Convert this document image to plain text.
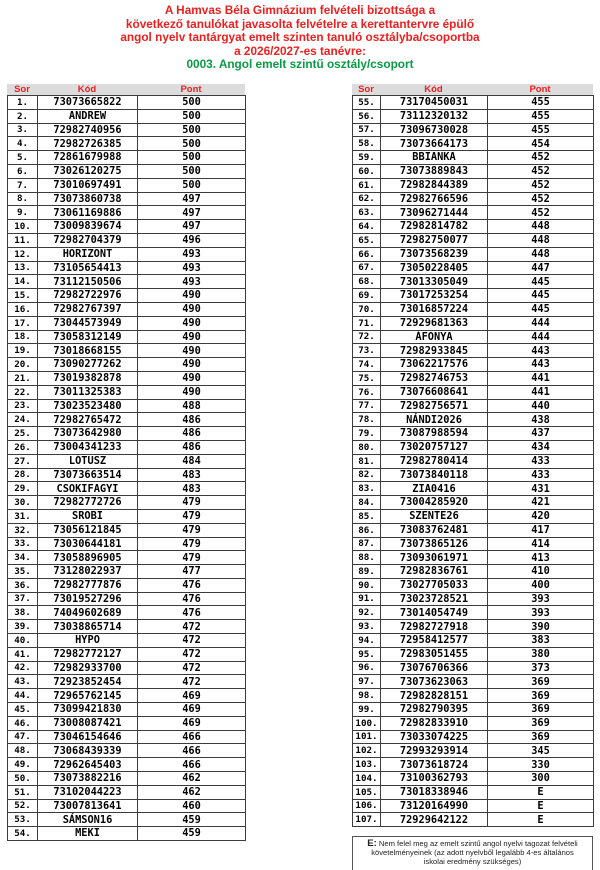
A Hamvas Béla Gimnázium felvételi bizottsága a
következő tanulókat javasolta felvételre a kerettantervre épülő
angol nyelv tantárgyat emelt szinten tanuló osztályba/csoportba
a 2026/2027-es tanévre:
0003. Angol emelt szintű osztály/csoport
Sor	Kód	Pont
1.	73073665822	500
2.	ANDREW	500
3.	72982740956	500
4.	72982726385	500
5.	72861679988	500
6.	73026120275	500
7.	73010697491	500
8.	73073860738	497
9.	73061169886	497
10.	73009839674	497
11.	72982704379	496
12.	HORIZONT	493
13.	73105654413	493
14.	73112150506	493
15.	72982722976	490
16.	72982767397	490
17.	73044573949	490
18.	73058312149	490
19.	73018668155	490
20.	73090277262	490
21.	73019382878	490
22.	73011325383	490
23.	73023523480	488
24.	72982765472	486
25.	73073642980	486
26.	73004341233	486
27.	LÓTUSZ	484
28.	73073663514	483
29.	CSOKIFAGYI	483
30.	72982772726	479
31.	SROBI	479
32.	73056121845	479
33.	73030644181	479
34.	73058896905	479
35.	73128022937	477
36.	72982777876	476
37.	73019527296	476
38.	74049602689	476
39.	73038865714	472
40.	HYPO	472
41.	72982772127	472
42.	72982933700	472
43.	72923852454	472
44.	72965762145	469
45.	73099421830	469
46.	73008087421	469
47.	73046154646	466
48.	73068439339	466
49.	72962645403	466
50.	73073882216	462
51.	73102044223	462
52.	73007813641	460
53.	SÁMSON16	459
54.	MEKI	459
Sor	Kód	Pont
55.	73170450031	455
56.	73112320132	455
57.	73096730028	455
58.	73073664173	454
59.	BBIANKA	452
60.	73073889843	452
61.	72982844389	452
62.	72982766596	452
63.	73096271444	452
64.	72982814782	448
65.	72982750077	448
66.	73073568239	448
67.	73050228405	447
68.	73013305049	445
69.	73017253254	445
70.	73016857224	445
71.	72929681363	444
72.	ÁFONYA	444
73.	72982933845	443
74.	73062217576	443
75.	72982746753	441
76.	73076608641	441
77.	72982756571	440
78.	NÁNDI2026	438
79.	73087988594	437
80.	73020757127	434
81.	72982780414	433
82.	73073840118	433
83.	ZIA0416	431
84.	73004285920	421
85.	SZENTE26	420
86.	73083762481	417
87.	73073865126	414
88.	73093061971	413
89.	72982836761	410
90.	73027705033	400
91.	73023728521	393
92.	73014054749	393
93.	72982727918	390
94.	72958412577	383
95.	72983051455	380
96.	73076706366	373
97.	73073623063	369
98.	72982828151	369
99.	72982790395	369
100.	72982833910	369
101.	73033074225	369
102.	72993293914	345
103.	73073618724	330
104.	73100362793	300
105.	73018338946	E
106.	73120164990	E
107.	72929642122	E
E: Nem felel meg az emelt szintű angol nyelvi tagozat felvételi követelményeinek (az adott nyelvből legalább 4-es általános iskolai eredmény szükséges)
